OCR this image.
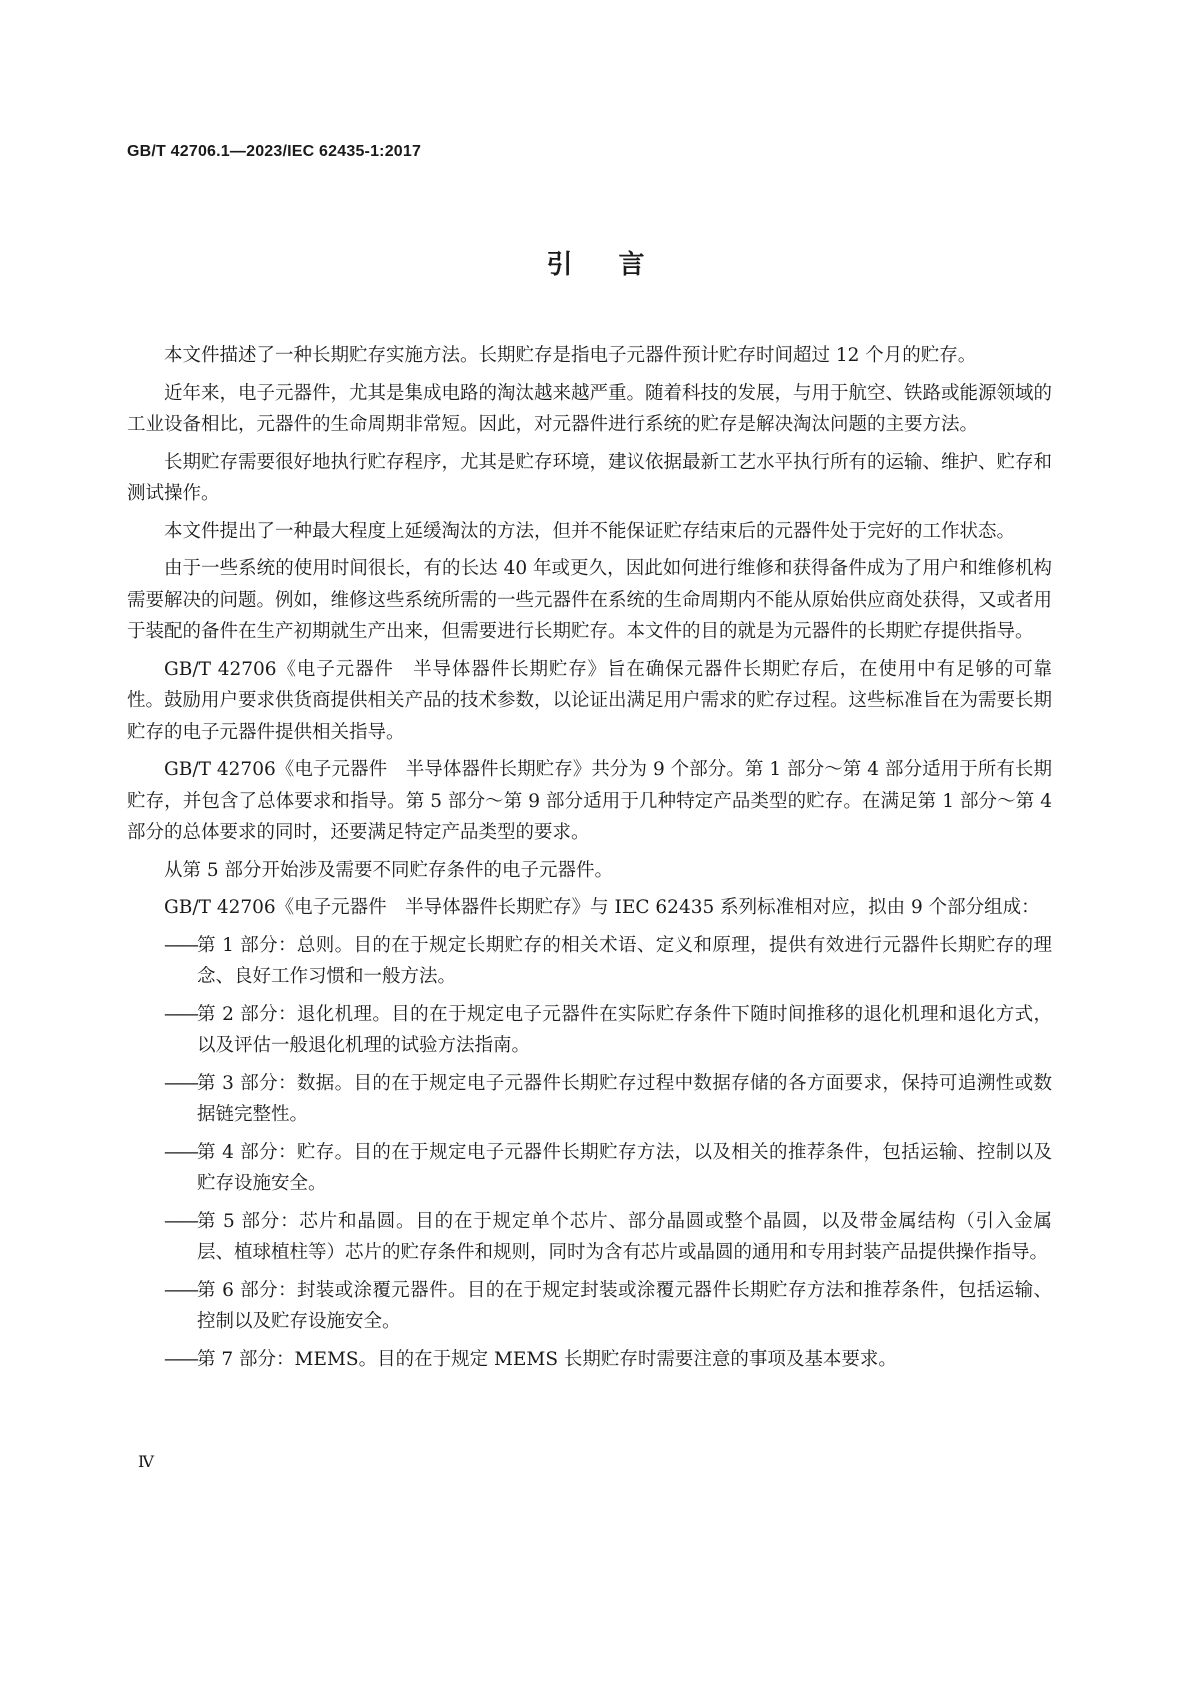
GB/T 42706.1—2023/IEC 62435-1:2017
引言

本文件描述了一种长期贮存实施方法。长期贮存是指电子元器件预计贮存时间超过 12 个月的贮存。

近年来，电子元器件，尤其是集成电路的淘汰越来越严重。随着科技的发展，与用于航空、铁路或能源领域的工业设备相比，元器件的生命周期非常短。因此，对元器件进行系统的贮存是解决淘汰问题的主要方法。

长期贮存需要很好地执行贮存程序，尤其是贮存环境，建议依据最新工艺水平执行所有的运输、维护、贮存和测试操作。

本文件提出了一种最大程度上延缓淘汰的方法，但并不能保证贮存结束后的元器件处于完好的工作状态。

由于一些系统的使用时间很长，有的长达 40 年或更久，因此如何进行维修和获得备件成为了用户和维修机构需要解决的问题。例如，维修这些系统所需的一些元器件在系统的生命周期内不能从原始供应商处获得，又或者用于装配的备件在生产初期就生产出来，但需要进行长期贮存。本文件的目的就是为元器件的长期贮存提供指导。

GB/T 42706《电子元器件　半导体器件长期贮存》旨在确保元器件长期贮存后，在使用中有足够的可靠性。鼓励用户要求供货商提供相关产品的技术参数，以论证出满足用户需求的贮存过程。这些标准旨在为需要长期贮存的电子元器件提供相关指导。

GB/T 42706《电子元器件　半导体器件长期贮存》共分为 9 个部分。第 1 部分～第 4 部分适用于所有长期贮存，并包含了总体要求和指导。第 5 部分～第 9 部分适用于几种特定产品类型的贮存。在满足第 1 部分～第 4 部分的总体要求的同时，还要满足特定产品类型的要求。

从第 5 部分开始涉及需要不同贮存条件的电子元器件。

GB/T 42706《电子元器件　半导体器件长期贮存》与 IEC 62435 系列标准相对应，拟由 9 个部分组成：

—— 第 1 部分：总则。目的在于规定长期贮存的相关术语、定义和原理，提供有效进行元器件长期贮存的理念、良好工作习惯和一般方法。
—— 第 2 部分：退化机理。目的在于规定电子元器件在实际贮存条件下随时间推移的退化机理和退化方式，以及评估一般退化机理的试验方法指南。
—— 第 3 部分：数据。目的在于规定电子元器件长期贮存过程中数据存储的各方面要求，保持可追溯性或数据链完整性。
—— 第 4 部分：贮存。目的在于规定电子元器件长期贮存方法，以及相关的推荐条件，包括运输、控制以及贮存设施安全。
—— 第 5 部分：芯片和晶圆。目的在于规定单个芯片、部分晶圆或整个晶圆，以及带金属结构（引入金属层、植球植柱等）芯片的贮存条件和规则，同时为含有芯片或晶圆的通用和专用封装产品提供操作指导。
—— 第 6 部分：封装或涂覆元器件。目的在于规定封装或涂覆元器件长期贮存方法和推荐条件，包括运输、控制以及贮存设施安全。
—— 第 7 部分：MEMS。目的在于规定 MEMS 长期贮存时需要注意的事项及基本要求。
Ⅳ
